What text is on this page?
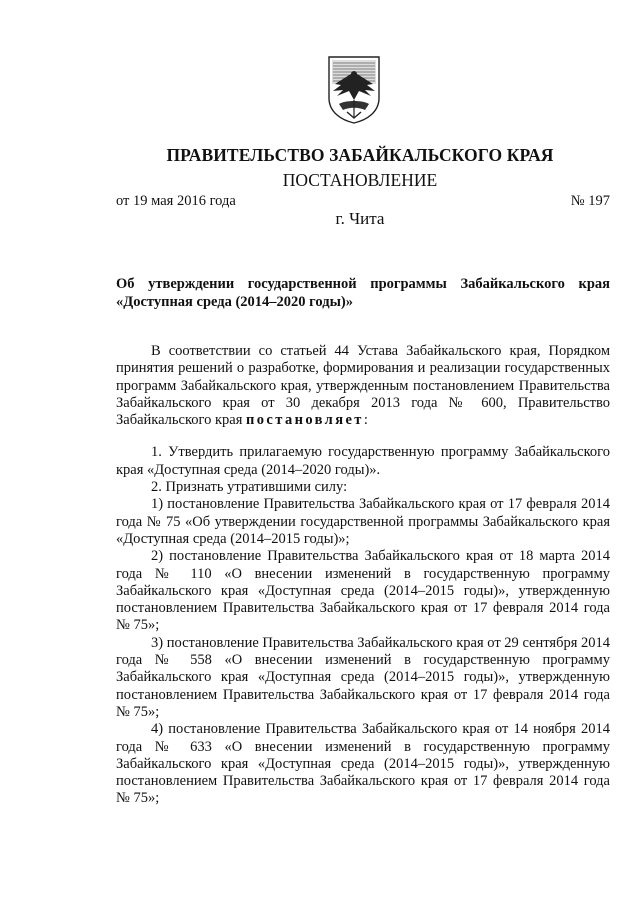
ПРАВИТЕЛЬСТВО ЗАБАЙКАЛЬСКОГО КРАЯ
ПОСТАНОВЛЕНИЕ
от 19 мая 2016 года	№ 197
г. Чита
Об утверждении государственной программы Забайкальского края «Доступная среда (2014–2020 годы)»

В соответствии со статьей 44 Устава Забайкальского края, Порядком принятия решений о разработке, формирования и реализации государственных программ Забайкальского края, утвержденным постановлением Правительства Забайкальского края от 30 декабря 2013 года № 600, Правительство Забайкальского края постановляет:

1. Утвердить прилагаемую государственную программу Забайкальского края «Доступная среда (2014–2020 годы)».

2. Признать утратившими силу:

1) постановление Правительства Забайкальского края от 17 февраля 2014 года № 75 «Об утверждении государственной программы Забайкальского края «Доступная среда (2014–2015 годы)»;

2) постановление Правительства Забайкальского края от 18 марта 2014 года № 110 «О внесении изменений в государственную программу Забайкальского края «Доступная среда (2014–2015 годы)», утвержденную постановлением Правительства Забайкальского края от 17 февраля 2014 года № 75»;

3) постановление Правительства Забайкальского края от 29 сентября 2014 года № 558 «О внесении изменений в государственную программу Забайкальского края «Доступная среда (2014–2015 годы)», утвержденную постановлением Правительства Забайкальского края от 17 февраля 2014 года № 75»;

4) постановление Правительства Забайкальского края от 14 ноября 2014 года № 633 «О внесении изменений в государственную программу Забайкальского края «Доступная среда (2014–2015 годы)», утвержденную постановлением Правительства Забайкальского края от 17 февраля 2014 года № 75»;
